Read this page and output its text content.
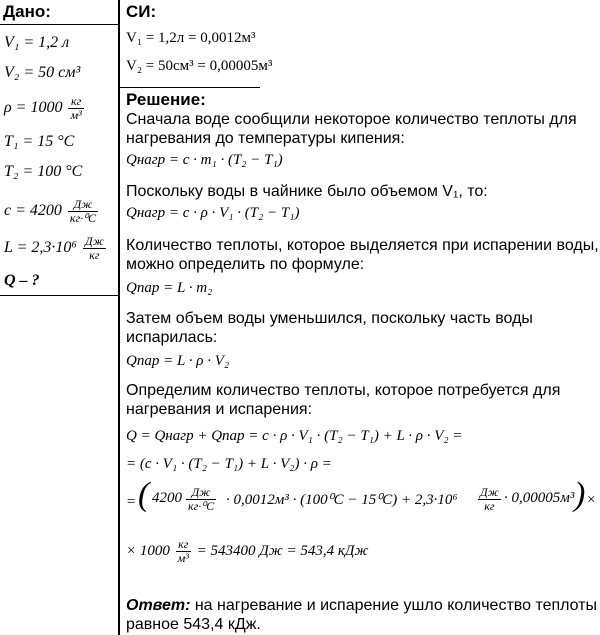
Дано:
V₁ = 1,2 л
V₂ = 50 см³
$\rho = 1000 \frac{кг}{\text{м³}}$
T₁ = 15 °C
T₂ = 100 °C
$c = 4200 \frac{Дж}{\text{кг·⁰С}}$
$L = 2,3\cdot 10^6 \frac{Дж}{кг}$
Q – ?
СИ:
V₁ = 1,2л = 0,0012м³
V₂ = 50см³ = 0,00005м³
Решение:
Сначала воде сообщили некоторое количество теплоты для
нагревания до температуры кипения:
Qнагр = c · m₁ · (T₂ − T₁)
Поскольку воды в чайнике было объемом V₁, то:
Qнагр = c · ρ · V₁ · (T₂ − T₁)
Количество теплоты, которое выделяется при испарении воды,
можно определить по формуле:
Qпар = L · m₂
Затем объем воды уменьшился, поскольку часть воды
испарилась:
Qпар = L · ρ · V₂
Определим количество теплоты, которое потребуется для
нагревания и испарения:
Q = Qнагр + Qпар = c · ρ · V₁ · (T₂ − T₁) + L · ρ · V₂ =
= (c · V₁ · (T₂ − T₁) + L · V₂) · ρ =
= ( 4200 Дж
кг·⁰С · 0,0012м³ · (100⁰С − 15⁰С) + 2,3·10⁶ Дж
кг · 0,00005м³ ) ×
× $1000 \frac{кг}{\text{м³}} = 543400$ Дж = 543,4 кДж
Ответ: на нагревание и испарение ушло количество теплоты
равное 543,4 кДж.
